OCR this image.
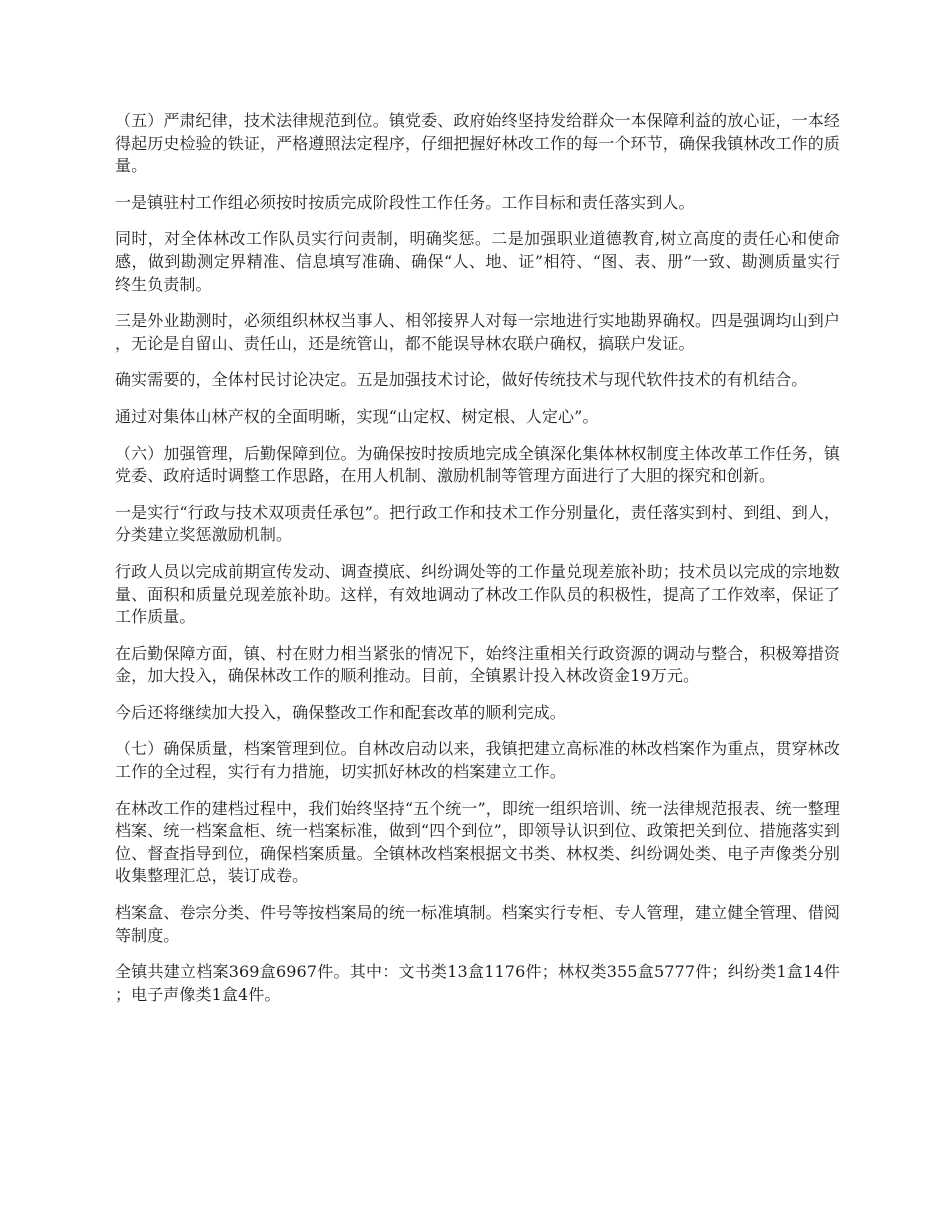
（五）严肃纪律，技术法律规范到位。镇党委、政府始终坚持发给群众一本保障利益的放心证，一本经得起历史检验的铁证，严格遵照法定程序，仔细把握好林改工作的每一个环节，确保我镇林改工作的质量。

一是镇驻村工作组必须按时按质完成阶段性工作任务。工作目标和责任落实到人。

同时，对全体林改工作队员实行问责制，明确奖惩。二是加强职业道德教育,树立高度的责任心和使命感，做到勘测定界精准、信息填写准确、确保“人、地、证”相符、“图、表、册”一致、勘测质量实行终生负责制。

三是外业勘测时，必须组织林权当事人、相邻接界人对每一宗地进行实地勘界确权。四是强调均山到户，无论是自留山、责任山，还是统管山，都不能误导林农联户确权，搞联户发证。

确实需要的，全体村民讨论决定。五是加强技术讨论，做好传统技术与现代软件技术的有机结合。

通过对集体山林产权的全面明晰，实现“山定权、树定根、人定心”。

（六）加强管理，后勤保障到位。为确保按时按质地完成全镇深化集体林权制度主体改革工作任务，镇党委、政府适时调整工作思路，在用人机制、激励机制等管理方面进行了大胆的探究和创新。

一是实行“行政与技术双项责任承包”。把行政工作和技术工作分别量化，责任落实到村、到组、到人，分类建立奖惩激励机制。

行政人员以完成前期宣传发动、调查摸底、纠纷调处等的工作量兑现差旅补助；技术员以完成的宗地数量、面积和质量兑现差旅补助。这样，有效地调动了林改工作队员的积极性，提高了工作效率，保证了工作质量。

在后勤保障方面，镇、村在财力相当紧张的情况下，始终注重相关行政资源的调动与整合，积极筹措资金，加大投入，确保林改工作的顺利推动。目前，全镇累计投入林改资金19万元。

今后还将继续加大投入，确保整改工作和配套改革的顺利完成。

（七）确保质量，档案管理到位。自林改启动以来，我镇把建立高标准的林改档案作为重点，贯穿林改工作的全过程，实行有力措施，切实抓好林改的档案建立工作。

在林改工作的建档过程中，我们始终坚持“五个统一”，即统一组织培训、统一法律规范报表、统一整理档案、统一档案盒柜、统一档案标准，做到“四个到位”，即领导认识到位、政策把关到位、措施落实到位、督查指导到位，确保档案质量。全镇林改档案根据文书类、林权类、纠纷调处类、电子声像类分别收集整理汇总，装订成卷。

档案盒、卷宗分类、件号等按档案局的统一标准填制。档案实行专柜、专人管理，建立健全管理、借阅等制度。

全镇共建立档案369盒6967件。其中：文书类13盒1176件；林权类355盒5777件；纠纷类1盒14件；电子声像类1盒4件。
